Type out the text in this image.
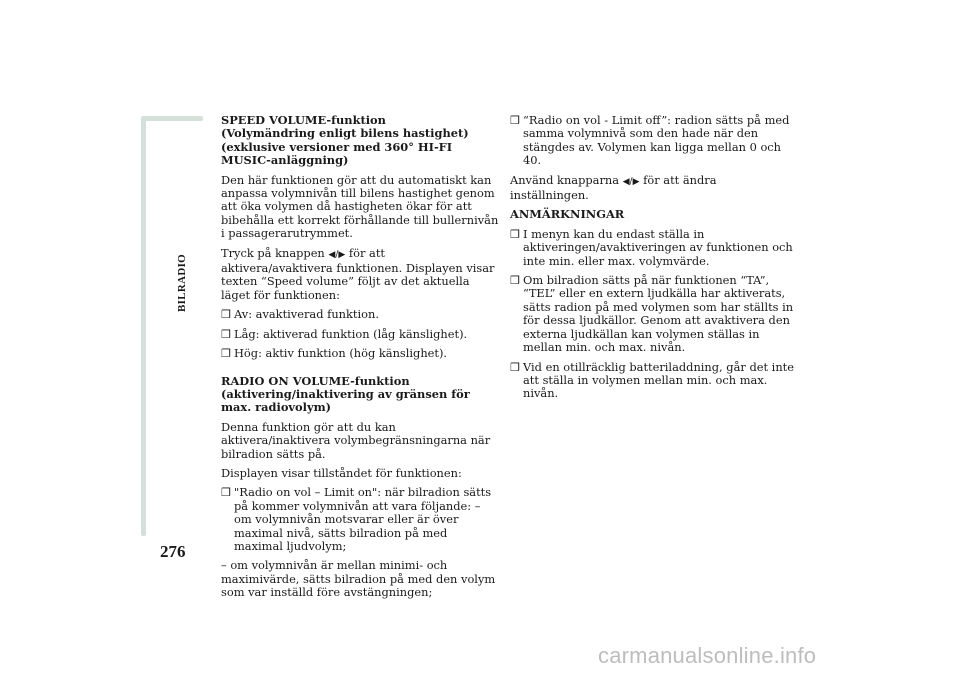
BILRADIO
276

SPEED VOLUME-funktion
(Volymändring enligt bilens hastighet)
(exklusive versioner med 360° HI-FI MUSIC-anläggning)

Den här funktionen gör att du automatiskt kan anpassa volymnivån till bilens hastighet genom att öka volymen då hastigheten ökar för att bibehålla ett korrekt förhållande till bullernivån i passagerarutrymmet.

Tryck på knappen ◀/▶ för att aktivera/avaktivera funktionen. Displayen visar texten “Speed volume” följt av det aktuella läget för funktionen:

❒ Av: avaktiverad funktion.

❒ Låg: aktiverad funktion (låg känslighet).

❒ Hög: aktiv funktion (hög känslighet).

RADIO ON VOLUME-funktion
(aktivering/inaktivering av gränsen för max. radiovolym)

Denna funktion gör att du kan aktivera/inaktivera volymbegränsningarna när bilradion sätts på.

Displayen visar tillståndet för funktionen:

❒ "Radio on vol – Limit on": när bilradion sätts på kommer volymnivån att vara följande: – om volymnivån motsvarar eller är över maximal nivå, sätts bilradion på med maximal ljudvolym;

– om volymnivån är mellan minimi- och maximivärde, sätts bilradion på med den volym som var inställd före avstängningen;

❒ “Radio on vol - Limit off”: radion sätts på med samma volymnivå som den hade när den stängdes av. Volymen kan ligga mellan 0 och 40.

Använd knapparna ◀/▶ för att ändra inställningen.

ANMÄRKNINGAR

❒ I menyn kan du endast ställa in aktiveringen/avaktiveringen av funktionen och inte min. eller max. volymvärde.

❒ Om bilradion sätts på när funktionen “TA”, “TEL” eller en extern ljudkälla har aktiverats, sätts radion på med volymen som har ställts in för dessa ljudkällor. Genom att avaktivera den externa ljudkällan kan volymen ställas in mellan min. och max. nivån.

❒ Vid en otillräcklig batteriladdning, går det inte att ställa in volymen mellan min. och max. nivån.

carmanualsonline.info
